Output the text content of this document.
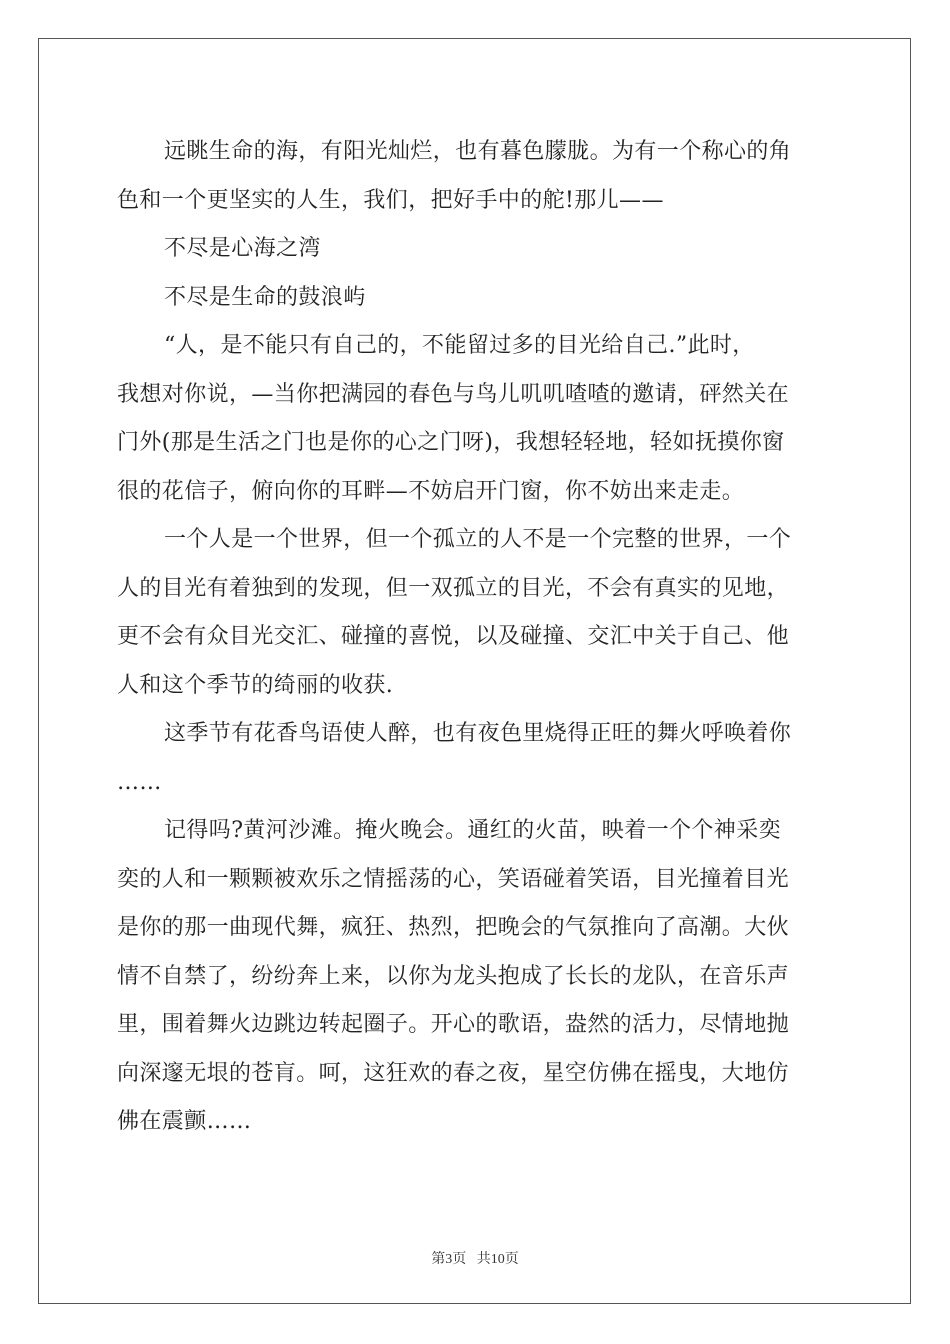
远眺生命的海，有阳光灿烂，也有暮色朦胧。为有一个称心的角
色和一个更坚实的人生，我们，把好手中的舵!那儿——
不尽是心海之湾
不尽是生命的鼓浪屿
“人，是不能只有自己的，不能留过多的目光给自己.”此时，
我想对你说，—当你把满园的春色与鸟儿叽叽喳喳的邀请，砰然关在
门外(那是生活之门也是你的心之门呀)，我想轻轻地，轻如抚摸你窗
很的花信子，俯向你的耳畔—不妨启开门窗，你不妨出来走走。
一个人是一个世界，但一个孤立的人不是一个完整的世界，一个
人的目光有着独到的发现，但一双孤立的目光，不会有真实的见地，
更不会有众目光交汇、碰撞的喜悦，以及碰撞、交汇中关于自己、他
人和这个季节的绮丽的收获.
这季节有花香鸟语使人醉，也有夜色里烧得正旺的舞火呼唤着你
……
记得吗?黄河沙滩。掩火晚会。通红的火苗，映着一个个神采奕
奕的人和一颗颗被欢乐之情摇荡的心，笑语碰着笑语，目光撞着目光
是你的那一曲现代舞，疯狂、热烈，把晚会的气氛推向了高潮。大伙
情不自禁了，纷纷奔上来，以你为龙头抱成了长长的龙队，在音乐声
里，围着舞火边跳边转起圈子。开心的歌语，盎然的活力，尽情地抛
向深邃无垠的苍肓。呵，这狂欢的春之夜，星空仿佛在摇曳，大地仿
佛在震颤……
第3页   共10页
